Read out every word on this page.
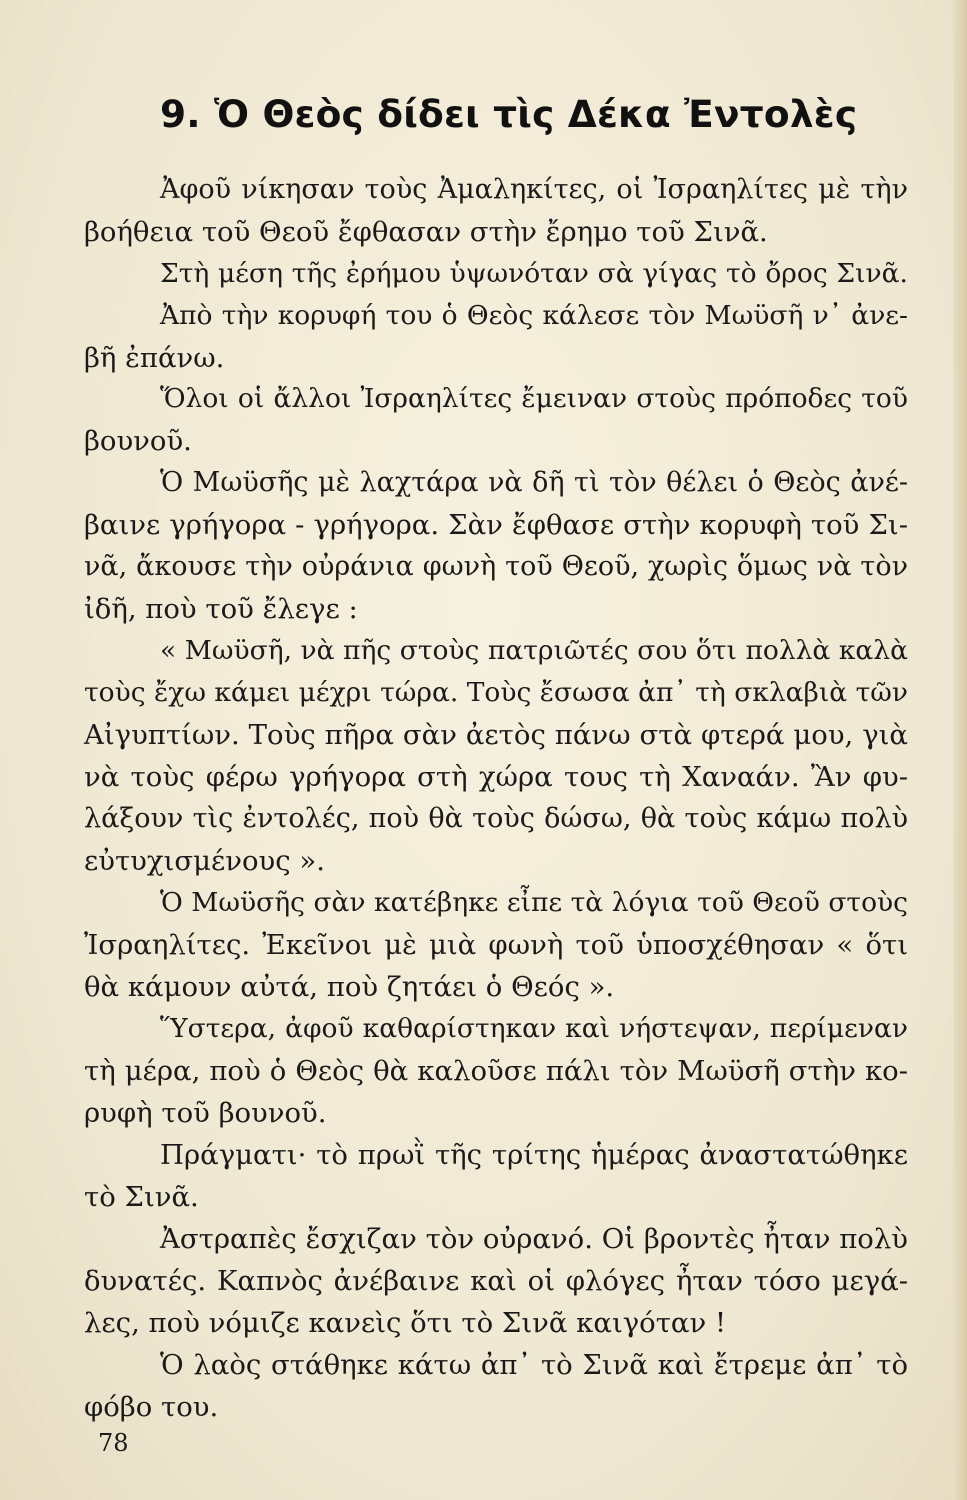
9. Ὁ Θεὸς δίδει τὶς Δέκα Ἐντολὲς

Ἀφοῦ νίκησαν τοὺς Ἀμαληκίτες, οἱ Ἰσραηλίτες μὲ τὴν

βοήθεια τοῦ Θεοῦ ἔφθασαν στὴν ἔρημο τοῦ Σινᾶ.

Στὴ μέση τῆς ἐρήμου ὑψωνόταν σὰ γίγας τὸ ὄρος Σινᾶ.

Ἀπὸ τὴν κορυφή του ὁ Θεὸς κάλεσε τὸν Μωϋσῆ ν᾽ ἀνε-

βῆ ἐπάνω.

Ὅλοι οἱ ἄλλοι Ἰσραηλίτες ἔμειναν στοὺς πρόποδες τοῦ

βουνοῦ.

Ὁ Μωϋσῆς μὲ λαχτάρα νὰ δῆ τὶ τὸν θέλει ὁ Θεὸς ἀνέ-

βαινε γρήγορα - γρήγορα. Σὰν ἔφθασε στὴν κορυφὴ τοῦ Σι-

νᾶ, ἄκουσε τὴν οὐράνια φωνὴ τοῦ Θεοῦ, χωρὶς ὅμως νὰ τὸν

ἰδῆ, ποὺ τοῦ ἔλεγε :

« Μωϋσῆ, νὰ πῆς στοὺς πατριῶτές σου ὅτι πολλὰ καλὰ

τοὺς ἔχω κάμει μέχρι τώρα. Τοὺς ἔσωσα ἀπ᾽ τὴ σκλαβιὰ τῶν

Αἰγυπτίων. Τοὺς πῆρα σὰν ἀετὸς πάνω στὰ φτερά μου, γιὰ

νὰ τοὺς φέρω γρήγορα στὴ χώρα τους τὴ Χαναάν. Ἂν φυ-

λάξουν τὶς ἐντολές, ποὺ θὰ τοὺς δώσω, θὰ τοὺς κάμω πολὺ

εὐτυχισμένους ».

Ὁ Μωϋσῆς σὰν κατέβηκε εἶπε τὰ λόγια τοῦ Θεοῦ στοὺς

Ἰσραηλίτες. Ἐκεῖνοι μὲ μιὰ φωνὴ τοῦ ὑποσχέθησαν « ὅτι

θὰ κάμουν αὐτά, ποὺ ζητάει ὁ Θεός ».

Ὕστερα, ἀφοῦ καθαρίστηκαν καὶ νήστεψαν, περίμεναν

τὴ μέρα, ποὺ ὁ Θεὸς θὰ καλοῦσε πάλι τὸν Μωϋσῆ στὴν κο-

ρυφὴ τοῦ βουνοῦ.

Πράγματι· τὸ πρωῒ τῆς τρίτης ἡμέρας ἀναστατώθηκε

τὸ Σινᾶ.

Ἀστραπὲς ἔσχιζαν τὸν οὐρανό. Οἱ βροντὲς ἦταν πολὺ

δυνατές. Καπνὸς ἀνέβαινε καὶ οἱ φλόγες ἦταν τόσο μεγά-

λες, ποὺ νόμιζε κανεὶς ὅτι τὸ Σινᾶ καιγόταν !

Ὁ λαὸς στάθηκε κάτω ἀπ᾽ τὸ Σινᾶ καὶ ἔτρεμε ἀπ᾽ τὸ

φόβο του.

78
